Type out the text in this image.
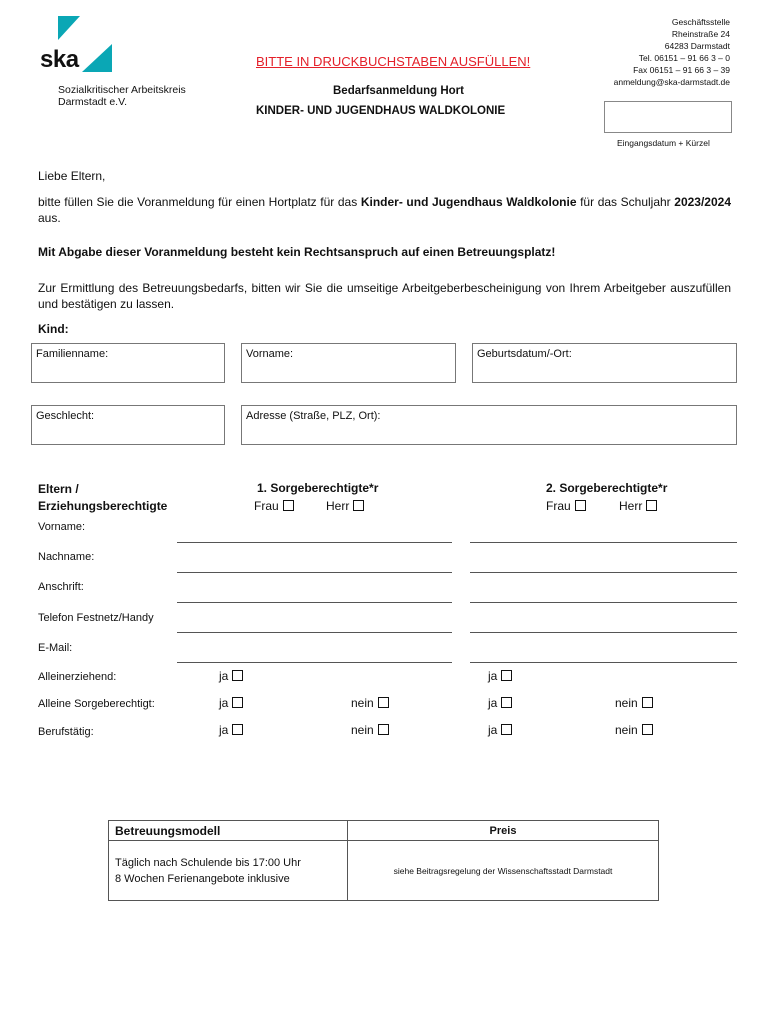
ska
Sozialkritischer Arbeitskreis
Darmstadt e.V.
BITTE IN DRUCKBUCHSTABEN AUSFÜLLEN!
Bedarfsanmeldung Hort
KINDER- UND JUGENDHAUS WALDKOLONIE
Geschäftsstelle
Rheinstraße 24
64283 Darmstadt
Tel. 06151 – 91 66 3 – 0
Fax 06151 – 91 66 3 – 39
anmeldung@ska-darmstadt.de
Eingangsdatum + Kürzel
Liebe Eltern,
bitte füllen Sie die Voranmeldung für einen Hortplatz für das Kinder- und Jugendhaus Waldkolonie für das Schuljahr 2023/2024 aus.
Mit Abgabe dieser Voranmeldung besteht kein Rechtsanspruch auf einen Betreuungsplatz!
Zur Ermittlung des Betreuungsbedarfs, bitten wir Sie die umseitige Arbeitgeberbescheinigung von Ihrem Arbeitgeber auszufüllen und bestätigen zu lassen.
Kind:
Familienname:	Vorname:	Geburtsdatum/-Ort:
Geschlecht:	Adresse (Straße, PLZ, Ort):
Eltern /
Erziehungsberechtigte
1. Sorgeberechtigte*r	2. Sorgeberechtigte*r
Frau	Herr	Frau	Herr
Vorname:
Nachname:
Anschrift:
Telefon Festnetz/Handy
E-Mail:
Alleinerziehend:	ja	ja
Alleine Sorgeberechtigt:	ja	nein	ja	nein
Berufstätig:	ja	nein	ja	nein
Betreuungsmodell	Preis

Täglich nach Schulende bis 17:00 Uhr
8 Wochen Ferienangebote inklusive	siehe Beitragsregelung der Wissenschaftsstadt Darmstadt
